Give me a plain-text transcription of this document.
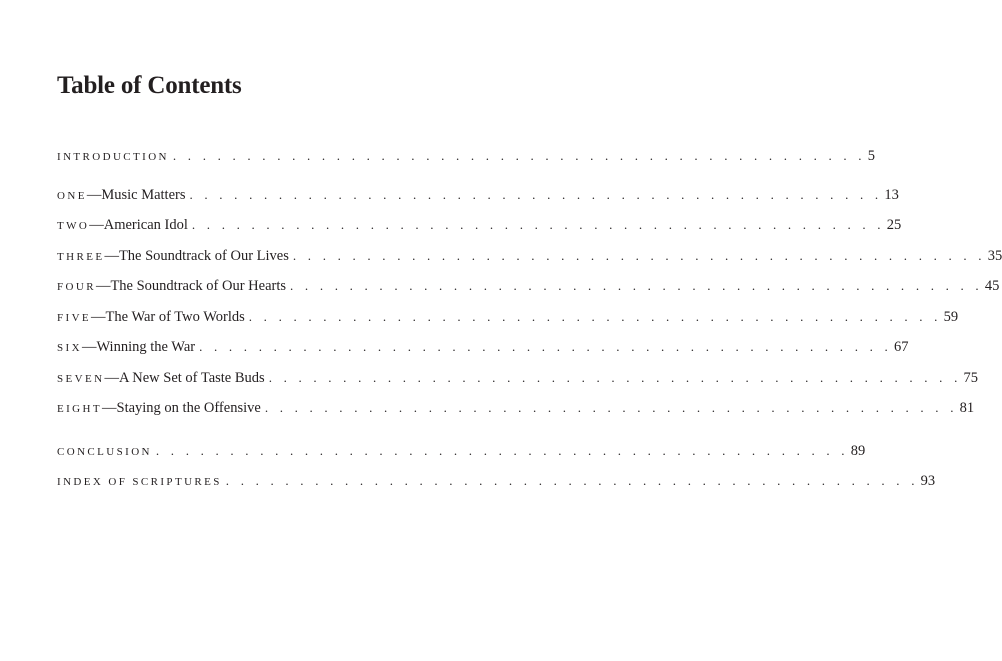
Table of Contents
INTRODUCTION . . . . . . . . . . . . . . . . . . . . . . . . . . . . . . . . . . . . . . . . . . . . . . . 5
ONE — Music Matters . . . . . . . . . . . . . . . . . . . . . . . . . . . . . . . . . . . . . . . . . . . . . . . 13
TWO — American Idol . . . . . . . . . . . . . . . . . . . . . . . . . . . . . . . . . . . . . . . . . . . . . . . 25
THREE — The Soundtrack of Our Lives . . . . . . . . . . . . . . . . . . . . . . . . . . . . . . . . . . . . . . . . . . . . . . . 35
FOUR — The Soundtrack of Our Hearts . . . . . . . . . . . . . . . . . . . . . . . . . . . . . . . . . . . . . . . . . . . . . . . 45
FIVE — The War of Two Worlds . . . . . . . . . . . . . . . . . . . . . . . . . . . . . . . . . . . . . . . . . . . . . . . 59
SIX — Winning the War . . . . . . . . . . . . . . . . . . . . . . . . . . . . . . . . . . . . . . . . . . . . . . . 67
SEVEN — A New Set of Taste Buds . . . . . . . . . . . . . . . . . . . . . . . . . . . . . . . . . . . . . . . . . . . . . . . 75
EIGHT — Staying on the Offensive . . . . . . . . . . . . . . . . . . . . . . . . . . . . . . . . . . . . . . . . . . . . . . . 81
CONCLUSION . . . . . . . . . . . . . . . . . . . . . . . . . . . . . . . . . . . . . . . . . . . . . . . 89
INDEX OF SCRIPTURES . . . . . . . . . . . . . . . . . . . . . . . . . . . . . . . . . . . . . . . . . . . . . . . 93
